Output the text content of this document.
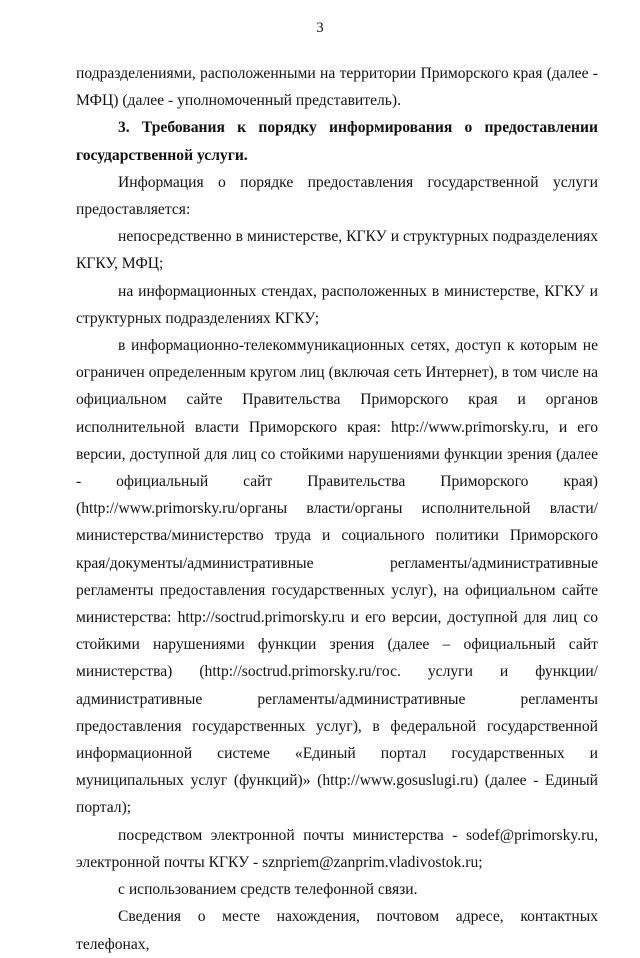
3

подразделениями, расположенными на территории Приморского края (далее - МФЦ) (далее - уполномоченный представитель).

3. Требования к порядку информирования о предоставлении государственной услуги.

Информация о порядке предоставления государственной услуги предоставляется:

непосредственно в министерстве, КГКУ и структурных подразделениях КГКУ, МФЦ;

на информационных стендах, расположенных в министерстве, КГКУ и структурных подразделениях КГКУ;

в информационно-телекоммуникационных сетях, доступ к которым не ограничен определенным кругом лиц (включая сеть Интернет), в том числе на официальном сайте Правительства Приморского края и органов исполнительной власти Приморского края: http://www.primorsky.ru, и его версии, доступной для лиц со стойкими нарушениями функции зрения (далее - официальный сайт Правительства Приморского края) (http://www.primorsky.ru/органы власти/органы исполнительной власти/министерства/министерство труда и социального политики Приморского края/документы/административные регламенты/административные регламенты предоставления государственных услуг), на официальном сайте министерства: http://soctrud.primorsky.ru и его версии, доступной для лиц со стойкими нарушениями функции зрения (далее – официальный сайт министерства) (http://soctrud.primorsky.ru/гос. услуги и функции/административные регламенты/административные регламенты предоставления государственных услуг), в федеральной государственной информационной системе «Единый портал государственных и муниципальных услуг (функций)» (http://www.gosuslugi.ru) (далее - Единый портал);

посредством электронной почты министерства - sodef@primorsky.ru, электронной почты КГКУ - sznpriem@zanprim.vladivostok.ru;

с использованием средств телефонной связи.

Сведения о месте нахождения, почтовом адресе, контактных телефонах,
